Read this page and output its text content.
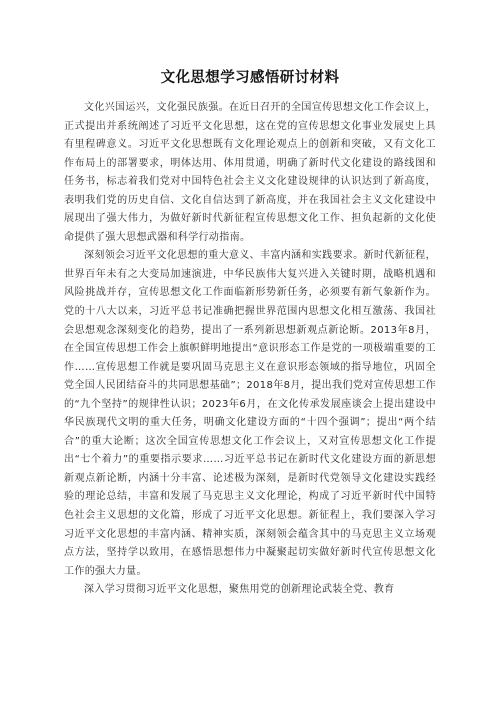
文化思想学习感悟研讨材料

文化兴国运兴，文化强民族强。在近日召开的全国宣传思想文化工作会议上，正式提出并系统阐述了习近平文化思想，这在党的宣传思想文化事业发展史上具有里程碑意义。习近平文化思想既有文化理论观点上的创新和突破，又有文化工作布局上的部署要求，明体达用、体用贯通，明确了新时代文化建设的路线图和任务书，标志着我们党对中国特色社会主义文化建设规律的认识达到了新高度，表明我们党的历史自信、文化自信达到了新高度，并在我国社会主义文化建设中展现出了强大伟力，为做好新时代新征程宣传思想文化工作、担负起新的文化使命提供了强大思想武器和科学行动指南。

深刻领会习近平文化思想的重大意义、丰富内涵和实践要求。新时代新征程，世界百年未有之大变局加速演进，中华民族伟大复兴进入关键时期，战略机遇和风险挑战并存，宣传思想文化工作面临新形势新任务，必须要有新气象新作为。党的十八大以来，习近平总书记准确把握世界范围内思想文化相互激荡、我国社会思想观念深刻变化的趋势，提出了一系列新思想新观点新论断。2013年8月，在全国宣传思想工作会上旗帜鲜明地提出“意识形态工作是党的一项极端重要的工作……宣传思想工作就是要巩固马克思主义在意识形态领域的指导地位，巩固全党全国人民团结奋斗的共同思想基础”；2018年8月，提出我们党对宣传思想工作的“九个坚持”的规律性认识；2023年6月，在文化传承发展座谈会上提出建设中华民族现代文明的重大任务，明确文化建设方面的“十四个强调”；提出“两个结合”的重大论断；这次全国宣传思想文化工作会议上，又对宣传思想文化工作提出“七个着力”的重要指示要求……习近平总书记在新时代文化建设方面的新思想新观点新论断，内涵十分丰富、论述极为深刻，是新时代党领导文化建设实践经验的理论总结，丰富和发展了马克思主义文化理论，构成了习近平新时代中国特色社会主义思想的文化篇，形成了习近平文化思想。新征程上，我们要深入学习习近平文化思想的丰富内涵、精神实质，深刻领会蕴含其中的马克思主义立场观点方法，坚持学以致用，在感悟思想伟力中凝聚起切实做好新时代宣传思想文化工作的强大力量。

深入学习贯彻习近平文化思想，聚焦用党的创新理论武装全党、教育
